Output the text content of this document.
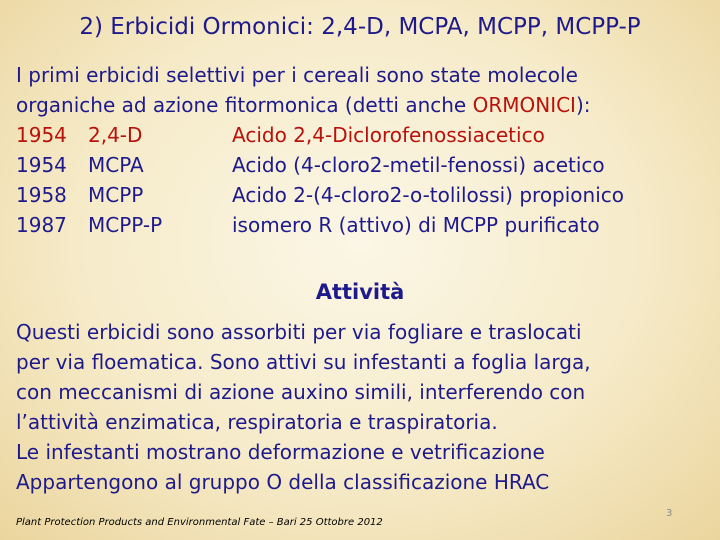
2) Erbicidi Ormonici: 2,4-D, MCPA, MCPP, MCPP-P
I primi erbicidi selettivi per i cereali sono state molecole
organiche ad azione fitormonica (detti anche ORMONICI):
1954 2,4-D	Acido 2,4-Diclorofenossiacetico
1954 MCPA	Acido (4-cloro2-metil-fenossi) acetico
1958 MCPP	Acido 2-(4-cloro2-o-tolilossi) propionico
1987 MCPP-P	isomero R (attivo) di MCPP purificato
Attività
Questi erbicidi sono assorbiti per via fogliare e traslocati
per via floematica. Sono attivi su infestanti a foglia larga,
con meccanismi di azione auxino simili, interferendo con
l’attività enzimatica, respiratoria e traspiratoria.
Le infestanti mostrano deformazione e vetrificazione
Appartengono al gruppo O della classificazione HRAC
Plant Protection Products and Environmental Fate – Bari 25 Ottobre 2012
3
